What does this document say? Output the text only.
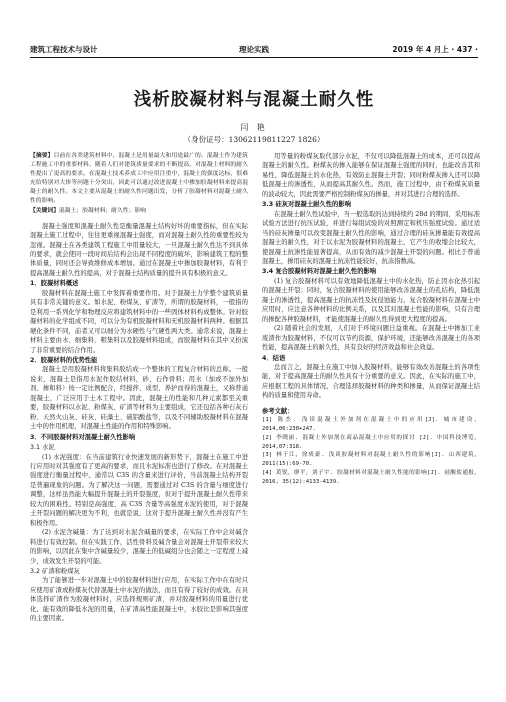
建筑工程技术与设计	理论实践	2019 年 4 月上 · 437 ·
浅析胶凝材料与混凝土耐久性
闫 艳
（身份证号：13062119811227 1826）
【摘要】目前在各类建筑材料中，混凝土是用量最大和用途最广的。混凝土作为建筑工程施工中的重要材料，随着人们对建筑质量要求的不断提高，对混凝土材料的耐久性提出了更高的要求。在混凝土技术养成工中应用注重中，混凝土的强度达标，很难充给特别对大体等问题十分突出，因此可以通过改进混凝土中掺加胶凝材料来提高混凝土的耐久性。本文主要从混凝土的耐久性问题出发，分析了胶凝材料对混凝土耐久性的影响。
【关键词】混凝土；胶凝材料；耐久性；影响

混凝土强度和混凝土耐久性是衡量混凝土结构好坏的重要指标，但在实际混凝土施工过程中，往往更重视混凝土强度，而对混凝土耐久性的重要性较为忽视。混凝土在各类建筑工程施工中用量较大，一旦混凝土耐久性达不到具体的要求，就会使同一段时间后结构会出现不同程度的破坏，影响建筑工程的整体质量，同时还会导致维修成本增加。通过在混凝土中掺加胶凝材料，有利于提高混凝土耐久性的提高，对于混凝土结构质量的提升具有积极的意义。

1．胶凝材料概述

胶凝材料在混凝土施工中发挥着重要作用。对于混凝土力学整个建筑质量具有非常关键的意义。如水泥、粉煤灰、矿渣等，所谓的胶凝材料，一般指的是利用一系列化学和物理反应将建筑材料中的一些固体材料构成整体。针对胶凝材料的化学组成不同，可以分为有机胶凝材料和无机胶凝材料两种。根据其硬化条件不同，前者又可以细分为水硬性与气硬性两大类。通常来说，混凝土材料主要由水、细集料、粗集料以及胶凝材料组成，而胶凝材料在其中又扮演了非常重要的结合作用。

2．胶凝材料的优势性能

混凝土是用胶凝材料将集料胶结成一个整体的工程复合材料的总称。一般说来，混凝土是指用水泥作胶结材料，砂、石作骨料；用水（加或不加外加剂、掺和料）按一定比例配合，经搅拌、成型、养护而得的混凝土，又称普通混凝土，广泛应用于土木工程中。因此，混凝土的性能和几种元素都至关重要，胶凝材料以水泥、粉煤灰、矿渣等材料为主要组成，它还包括各种石灰石粉、天然火山灰、硅灰、硅藻土、硫铝酸盐等，以及不同辅助胶凝材料在混凝土中的作用机理，对混凝土性能的作用和特殊影响。

3．不同胶凝材料对混凝土耐久性影响
3.1 水泥

(1) 水泥强度：在当前建筑行业快速发展的新形势下，混凝土在施工中进行应用时对其强度有了更高的要求，而且水泥标准也进行了修改。在对混凝土强度进行衡量过程中，通常以 C3S 的含量来进行评价，当前混凝土结构开裂是普遍现象的问题。为了解决这一问题，需要通过对 C3S 的含量与细度进行调整，这样虽然能大幅提升混凝土的开裂强度，但对于提升混凝土耐久性带来较大的困难性。特别是高强度、高 C3S 含量等高强度水泥的使用，对于混凝土开裂问题的解决更为不利，也就是说，这对于提升混凝土耐久性并没有产生积极作用。

(2) 水泥含碱量：为了达到对水泥含碱量的要求，在实际工作中会对碱含料进行有效控制。但在实践工作，活性骨料及碱含量会对混凝土开裂带来较大的影响，以因此在集中含碱量较少，混凝土的低碱组分也会随之一定程度上减少，成效发生开裂的可能。

3.2 矿渣和粉煤灰

为了能够进一步对混凝土中的胶凝材料进行应用，在实际工作中在有时只应使用矿渣或粉煤灰代替混凝土中水泥的做法，而且有得了较好的成效。在具体选择矿渣作为胶凝材料时，应选择规则矿渣，并对胶凝材料的用量进行优化，能有效的降低水泥的用量，在矿渣高性能混凝土中，水胶比是影响其强度的主要因素。

用等量的粉煤灰取代部分水泥，不仅可以降低混凝土的成本，还可以提高混凝土的耐久性。粉煤灰的掺入能够在保证混凝土强度的同时，也能改善其和易性，降低混凝土的水化热，有效防止混凝土开裂；同时粉煤灰掺入还可以降低混凝土的渗透性，从而提高其耐久性。然而，施工过程中，由于粉煤灰质量的波动较大，因此需要严格控制粉煤灰的掺量，并对其进行合理的选择。

3.3 硅灰对混凝土耐久性的影响

在混凝土耐久性试验中，当一般选取的达到持续约 28d 的期间，采用标准试验方法进行抗压试验，并进行每组试验的对照测定和机压强度试验。通过适当的硅灰掺量可以改变混凝土耐久性的影响，通过合理的硅灰掺量能有效提高混凝土的耐久性，对于以水泥为胶凝材料的混凝土，它产生的收缩会比较大，使混凝土抗渗性能显著提高，从而有效的减少混凝土开裂的问题。相比于普通混凝土，掺用硅灰的混凝土抗冻性能较好，抗冻指数高。

3.4 复合胶凝材料对混凝土耐久性的影响

(1) 复合胶凝材料可以有效地降低混凝土中的水化热，防止因水化热引起的混凝土开裂；同时，复合胶凝材料的使用能够改善混凝土的孔结构，降低混凝土的渗透性，提高混凝土的抗冻性及抗侵蚀能力。复合胶凝材料在混凝土中应用时，应注意各种材料的比例关系，以及其对混凝土性能的影响，只有合理的掺配各种胶凝材料，才能使混凝土的耐久性得到更大程度的提高。

(2) 随着社会的发展，人们对于环境问题日益重视。在混凝土中掺加工业废渣作为胶凝材料，不仅可以节约资源，保护环境，还能够改善混凝土的各项性能，提高混凝土的耐久性，具有良好的经济效益和社会效益。

4．结语

总而言之，混凝土在施工中加入胶凝材料，能够有效改善混凝土的各项性能，对于提高混凝土的耐久性具有十分重要的意义。因此，在实际的施工中，应根据工程的具体情况，合理选择胶凝材料的种类和掺量，从而保证混凝土结构的质量和使用寿命。

参考文献：
[1] 陈杰. 浅谈混凝土外加剂在混凝土中的应用[J]. 城市建设，2014,06:230+247.
[2] 李晓丽. 混凝土外加剂在商品混凝土中应用的探讨 [J]. 中国科技博览，2014,07:318.
[3] 林于江，徐成豪. 浅谈胶凝材料对混凝土耐久性的影响[J]. 山西建筑，2011(15):69-70.
[4] 黄锐，廖平，刘子宇. 胶凝材料对混凝土耐久性能的影响[J]. 硅酸盐通报，2016, 35(12):4133-4139.
